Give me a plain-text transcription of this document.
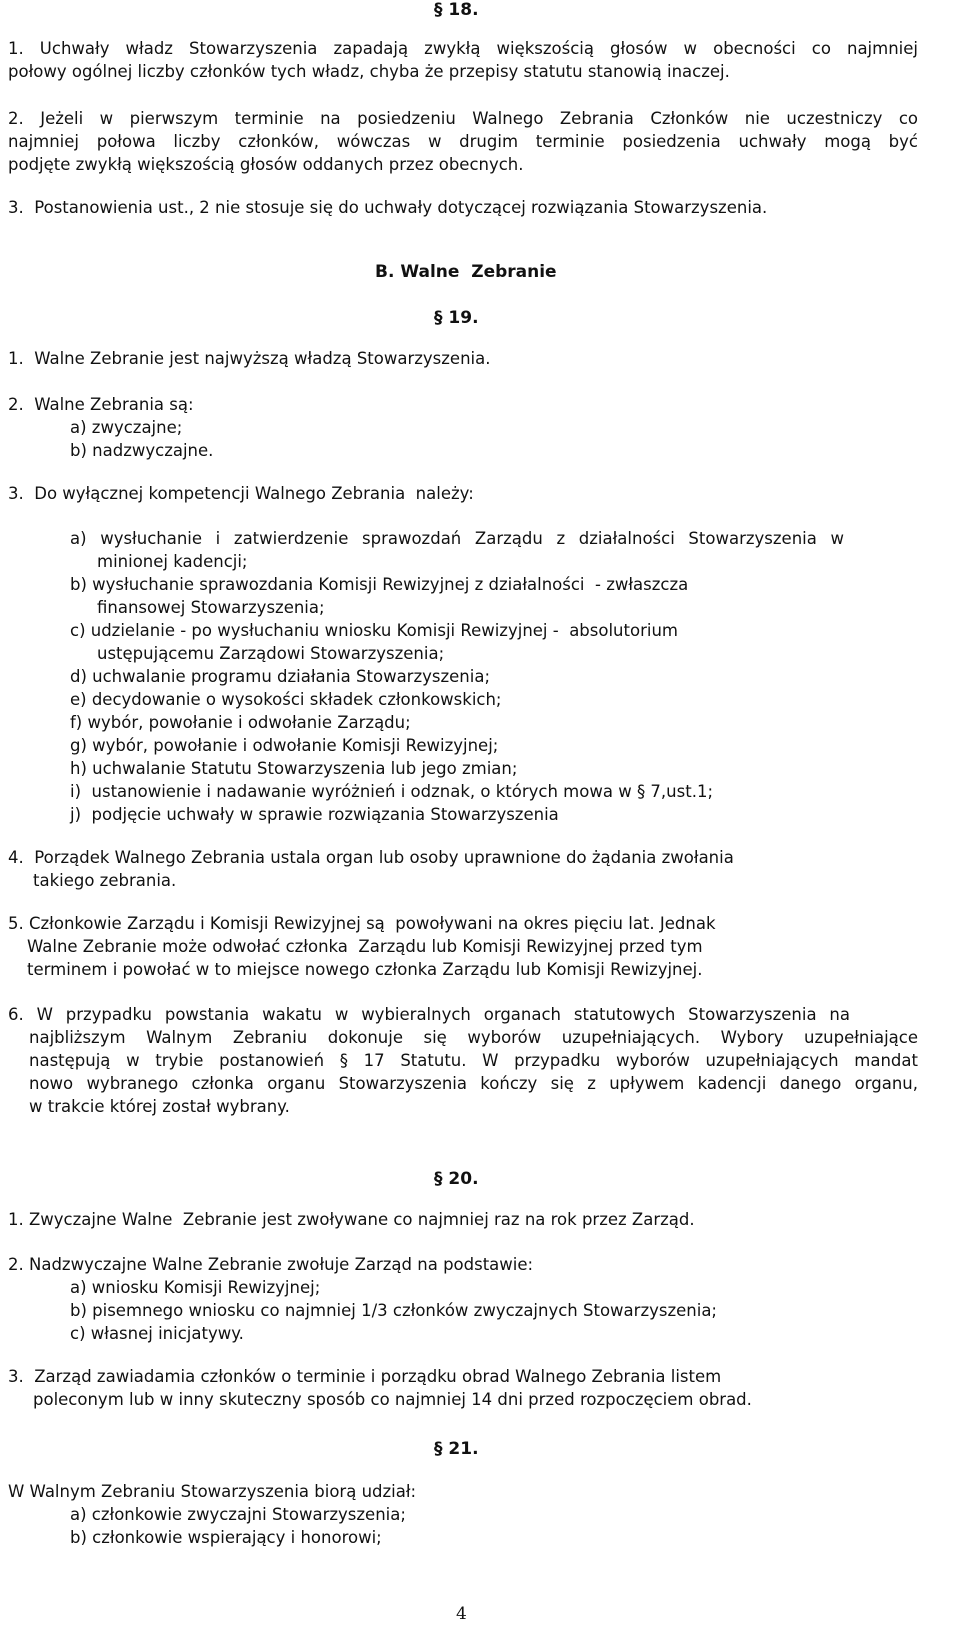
§ 18.
1. Uchwały władz Stowarzyszenia zapadają zwykłą większością głosów w obecności co najmniej
połowy ogólnej liczby członków tych władz, chyba że przepisy statutu stanowią inaczej.
2. Jeżeli w pierwszym terminie na posiedzeniu Walnego Zebrania Członków nie uczestniczy co
najmniej połowa liczby członków, wówczas w drugim terminie posiedzenia uchwały mogą być
podjęte zwykłą większością głosów oddanych przez obecnych.
3.  Postanowienia ust., 2 nie stosuje się do uchwały dotyczącej rozwiązania Stowarzyszenia.
B. Walne  Zebranie
§ 19.
1.  Walne Zebranie jest najwyższą władzą Stowarzyszenia.
2.  Walne Zebrania są:
a) zwyczajne;
b) nadzwyczajne.
3.  Do wyłącznej kompetencji Walnego Zebrania  należy:
a) wysłuchanie i zatwierdzenie sprawozdań Zarządu z działalności Stowarzyszenia w
minionej kadencji;
b) wysłuchanie sprawozdania Komisji Rewizyjnej z działalności  - zwłaszcza
finansowej Stowarzyszenia;
c) udzielanie - po wysłuchaniu wniosku Komisji Rewizyjnej -  absolutorium
ustępującemu Zarządowi Stowarzyszenia;
d) uchwalanie programu działania Stowarzyszenia;
e) decydowanie o wysokości składek członkowskich;
f) wybór, powołanie i odwołanie Zarządu;
g) wybór, powołanie i odwołanie Komisji Rewizyjnej;
h) uchwalanie Statutu Stowarzyszenia lub jego zmian;
i)  ustanowienie i nadawanie wyróżnień i odznak, o których mowa w § 7,ust.1;
j)  podjęcie uchwały w sprawie rozwiązania Stowarzyszenia
4.  Porządek Walnego Zebrania ustala organ lub osoby uprawnione do żądania zwołania
takiego zebrania.
5. Członkowie Zarządu i Komisji Rewizyjnej są  powoływani na okres pięciu lat. Jednak
Walne Zebranie może odwołać członka  Zarządu lub Komisji Rewizyjnej przed tym
terminem i powołać w to miejsce nowego członka Zarządu lub Komisji Rewizyjnej.
6. W przypadku powstania wakatu w wybieralnych organach statutowych Stowarzyszenia na
najbliższym Walnym Zebraniu dokonuje się wyborów uzupełniających. Wybory uzupełniające
następują w trybie postanowień § 17 Statutu. W przypadku wyborów uzupełniających mandat
nowo wybranego członka organu Stowarzyszenia kończy się z upływem kadencji danego organu,
w trakcie której został wybrany.
§ 20.
1. Zwyczajne Walne  Zebranie jest zwoływane co najmniej raz na rok przez Zarząd.
2. Nadzwyczajne Walne Zebranie zwołuje Zarząd na podstawie:
a) wniosku Komisji Rewizyjnej;
b) pisemnego wniosku co najmniej 1/3 członków zwyczajnych Stowarzyszenia;
c) własnej inicjatywy.
3.  Zarząd zawiadamia członków o terminie i porządku obrad Walnego Zebrania listem
poleconym lub w inny skuteczny sposób co najmniej 14 dni przed rozpoczęciem obrad.
§ 21.
W Walnym Zebraniu Stowarzyszenia biorą udział:
a) członkowie zwyczajni Stowarzyszenia;
b) członkowie wspierający i honorowi;
4
